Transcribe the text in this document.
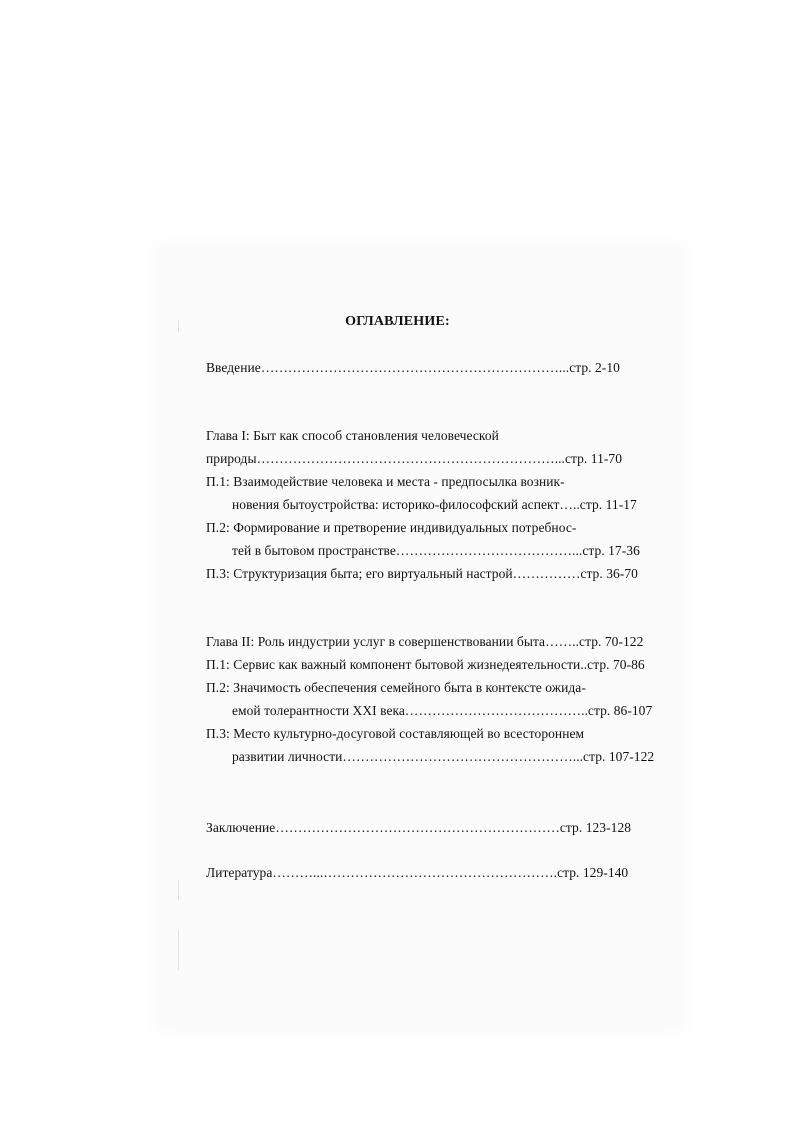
ОГЛАВЛЕНИЕ:
Введение…………………………………………………………...стр. 2-10
Глава I: Быт как способ становления человеческой
природы…………………………………………………………...стр. 11-70
П.1: Взаимодействие человека и места - предпосылка возник-
новения бытоустройства: историко-философский аспект…..стр. 11-17
П.2: Формирование и претворение индивидуальных потребнос-
тей в бытовом пространстве…………………………………...стр. 17-36
П.3: Структуризация быта; его виртуальный настрой……………стр. 36-70
Глава II: Роль индустрии услуг в совершенствовании быта……..стр. 70-122
П.1: Сервис как важный компонент бытовой жизнедеятельности..стр. 70-86
П.2: Значимость обеспечения семейного быта в контексте ожида-
емой толерантности XXI века…………………………………..стр. 86-107
П.3: Место культурно-досуговой составляющей во всестороннем
развитии личности……………………………………………...стр. 107-122
Заключение………………………………………………………стр. 123-128
Литература………...…………………………………………….стр. 129-140
